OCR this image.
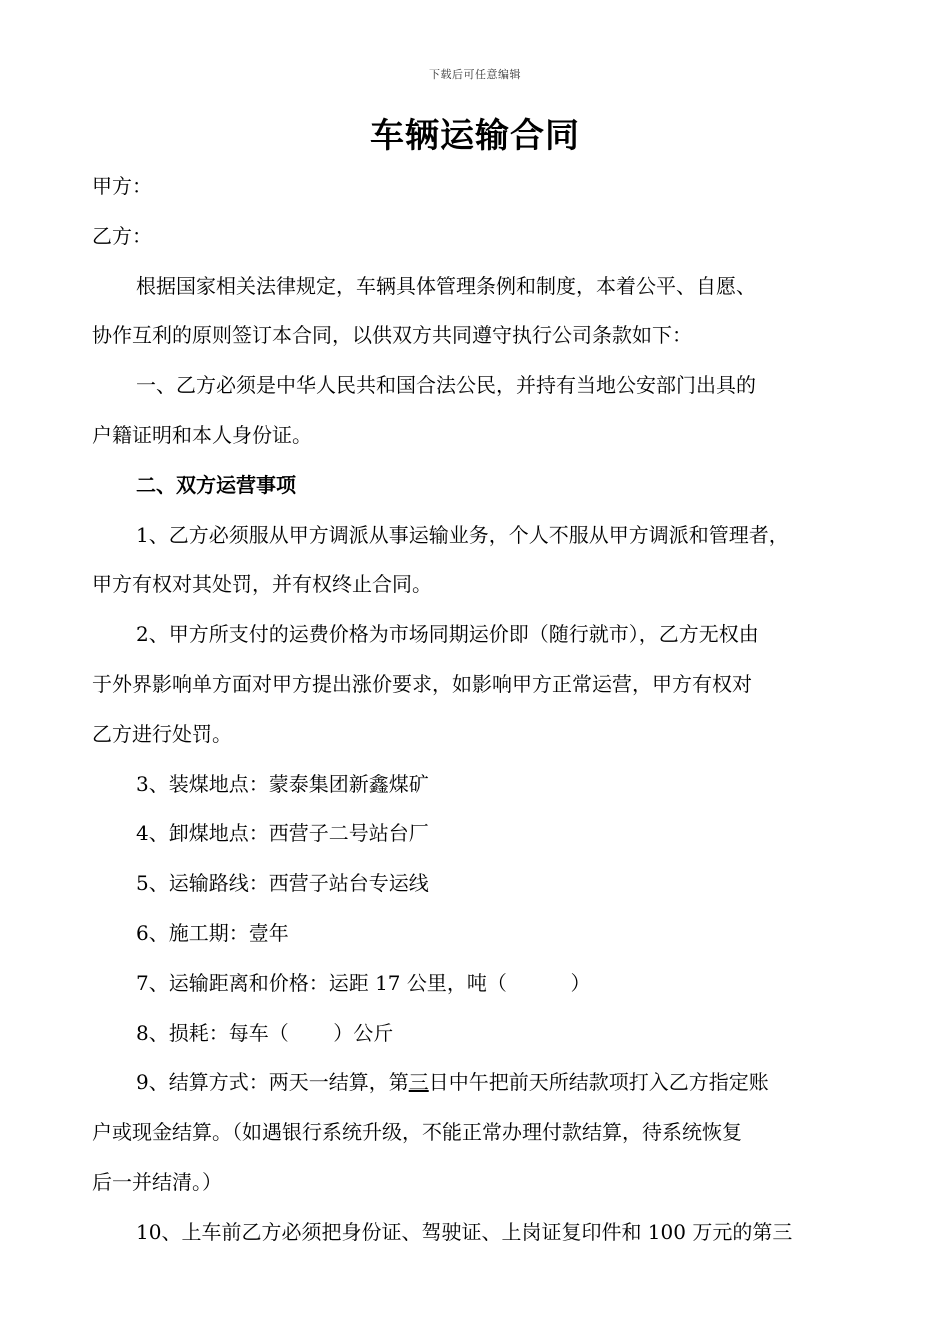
下载后可任意编辑
车辆运输合同

甲方：

乙方：

根据国家相关法律规定，车辆具体管理条例和制度，本着公平、自愿、

协作互利的原则签订本合同，以供双方共同遵守执行公司条款如下：

一、乙方必须是中华人民共和国合法公民，并持有当地公安部门出具的

户籍证明和本人身份证。

二、双方运营事项

1、乙方必须服从甲方调派从事运输业务，个人不服从甲方调派和管理者，

甲方有权对其处罚，并有权终止合同。

2、甲方所支付的运费价格为市场同期运价即（随行就市），乙方无权由

于外界影响单方面对甲方提出涨价要求，如影响甲方正常运营，甲方有权对

乙方进行处罚。

3、装煤地点：蒙泰集团新鑫煤矿

4、卸煤地点：西营子二号站台厂

5、运输路线：西营子站台专运线

6、施工期：壹年

7、运输距离和价格：运距 17 公里，吨（          ）

8、损耗：每车（       ）公斤

9、结算方式：两天一结算，第三日中午把前天所结款项打入乙方指定账

户或现金结算。（如遇银行系统升级，不能正常办理付款结算，待系统恢复

后一并结清。）

10、上车前乙方必须把身份证、驾驶证、上岗证复印件和 100 万元的第三
